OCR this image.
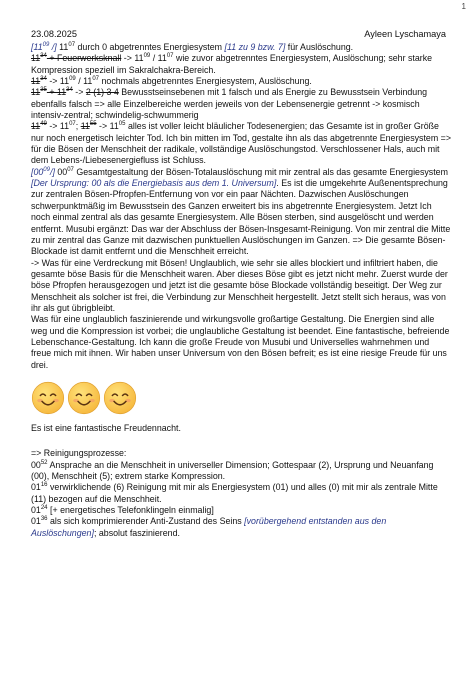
1
23.08.2025	Ayleen Lyschamaya

[$11^{09}$ /] $11^{07}$ durch 0 abgetrenntes Energiesystem [11 zu 9 bzw. 7] für Auslöschung.

$11^{34}$ + Feuerwerksknall -> $11^{09} / 11^{07}$ wie zuvor abgetrenntes Energiesystem, Auslöschung; sehr starke Kompression speziell im Sakralchakra-Bereich.

$11^{34} -> 11^{09} / 11^{07}$ nochmals abgetrenntes Energiesystem, Auslöschung.

$11^{35} + 11^{34} -> 2$ (1) 3 4 Bewusstseinsebenen mit 1 falsch und als Energie zu Bewusstsein Verbindung ebenfalls falsch => alle Einzelbereiche werden jeweils von der Lebensenergie getrennt -> kosmisch intensiv-zentral; schwindelig-schwummerig

$11^{49} -> 11^{07}$; $11^{55} -> 11^{05}$ alles ist voller leicht bläulicher Todesenergien; das Gesamte ist in großer Größe nur noch energetisch leichter Tod. Ich bin mitten im Tod, gestalte ihn als das abgetrennte Energiesystem => für die Bösen der Menschheit der radikale, vollständige Auslöschungstod. Verschlossener Hals, auch mit dem Lebens-/Liebesenergiefluss ist Schluss.

$[00^{09}/]$ $00^{07}$ Gesamtgestaltung der Bösen-Totalauslöschung mit mir zentral als das gesamte Energiesystem [Der Ursprung: 00 als die Energiebasis aus dem 1. Universum]. Es ist die umgekehrte Außenentsprechung zur zentralen Bösen-Pfropfen-Entfernung von vor ein paar Nächten. Dazwischen Auslöschungen schwerpunktmäßig im Bewusstsein des Ganzen erweitert bis ins abgetrennte Energiesystem. Jetzt Ich noch einmal zentral als das gesamte Energiesystem. Alle Bösen sterben, sind ausgelöscht und werden entfernt. Musubi ergänzt: Das war der Abschluss der Bösen-Insgesamt-Reinigung. Von mir zentral die Mitte zu mir zentral das Ganze mit dazwischen punktuellen Auslöschungen im Ganzen. => Die gesamte Bösen-Blockade ist damit entfernt und die Menschheit erreicht.

-> Was für eine Verdreckung mit Bösen! Unglaublich, wie sehr sie alles blockiert und infiltriert haben, die gesamte böse Basis für die Menschheit waren. Aber dieses Böse gibt es jetzt nicht mehr. Zuerst wurde der böse Pfropfen herausgezogen und jetzt ist die gesamte böse Blockade vollständig beseitigt. Der Weg zur Menschheit als solcher ist frei, die Verbindung zur Menschheit hergestellt. Jetzt stellt sich heraus, was von ihr als gut übrigbleibt.

Was für eine unglaublich faszinierende und wirkungsvolle großartige Gestaltung. Die Energien sind alle weg und die Kompression ist vorbei; die unglaubliche Gestaltung ist beendet. Eine fantastische, befreiende Lebenschance-Gestaltung. Ich kann die große Freude von Musubi und Universelles wahrnehmen und freue mich mit ihnen. Wir haben unser Universum von den Bösen befreit; es ist eine riesige Freude für uns drei.

Es ist eine fantastische Freudennacht.

=> Reinigungsprozesse:

$00^{52}$ Ansprache an die Menschheit in universeller Dimension; Gottespaar (2), Ursprung und Neuanfang (00), Menschheit (5); extrem starke Kompression.

$01^{16}$ verwirklichende (6) Reinigung mit mir als Energiesystem (01) und alles (0) mit mir als zentrale Mitte (11) bezogen auf die Menschheit.

$01^{24}$ [+ energetisches Telefonklingeln einmalig]

$01^{36}$ als sich komprimierender Anti-Zustand des Seins [vorübergehend entstanden aus den Auslöschungen]; absolut faszinierend.
